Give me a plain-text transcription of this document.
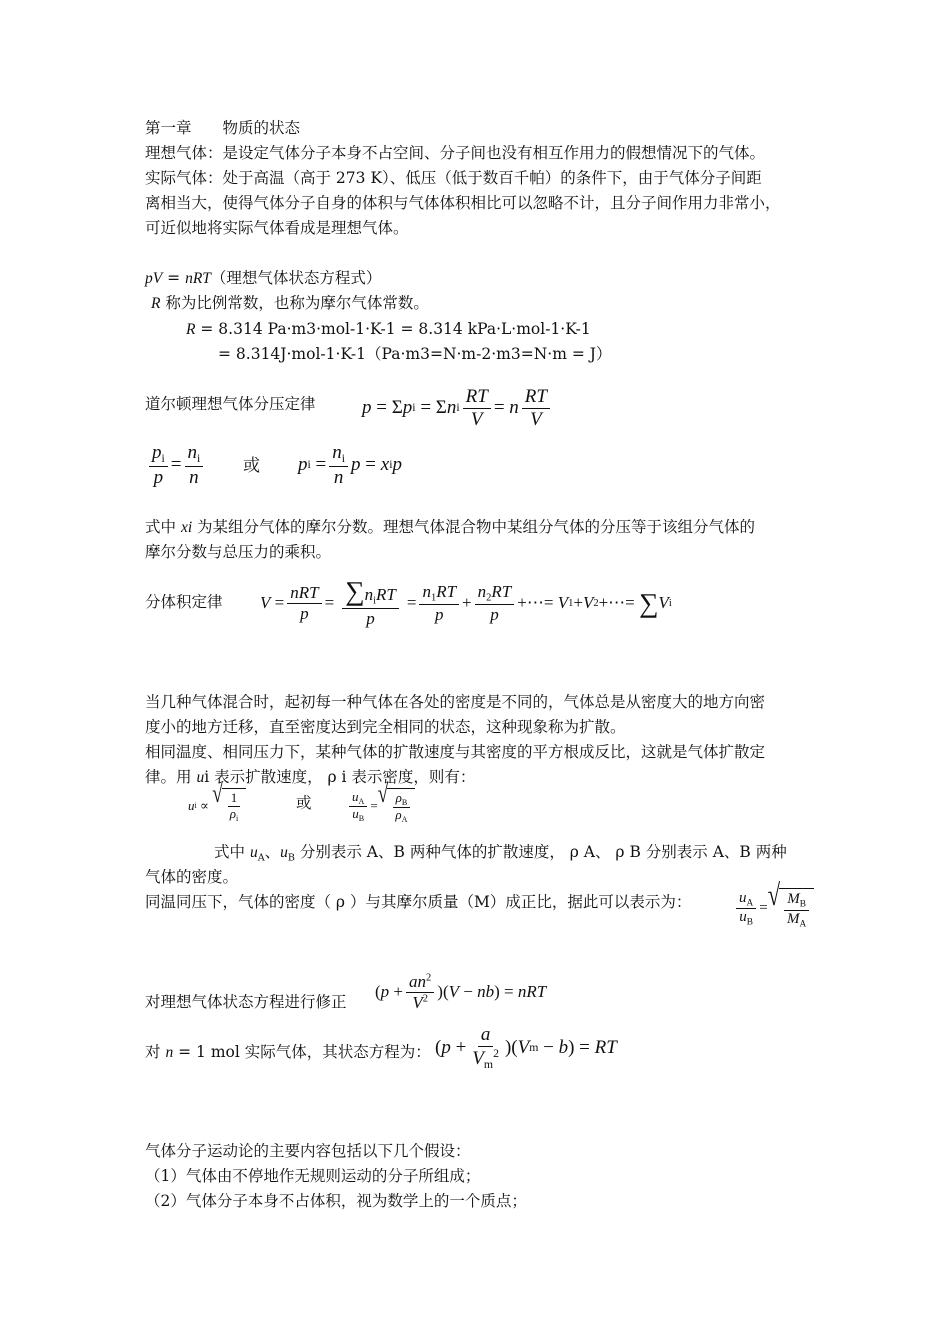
第一章　　物质的状态
理想气体：是设定气体分子本身不占空间、分子间也没有相互作用力的假想情况下的气体。
实际气体：处于高温（高于 273 K）、低压（低于数百千帕）的条件下，由于气体分子间距
离相当大，使得气体分子自身的体积与气体体积相比可以忽略不计，且分子间作用力非常小，
可近似地将实际气体看成是理想气体。
pV = nRT（理想气体状态方程式）
R 称为比例常数，也称为摩尔气体常数。
R = 8.314 Pa·m3·mol-1·K-1 = 8.314 kPa·L·mol-1·K-1
= 8.314J·mol-1·K-1（Pa·m3=N·m-2·m3=N·m = J）
道尔顿理想气体分压定律 p = Σ p i = Σ n i $\frac{RT}{V} = n \frac{RT}{V}$
$\frac{p_i}{p} = \frac{n_i}{n}$ 或 p $i = \frac{n_i}{n}$ p = x i p
式中 xi 为某组分气体的摩尔分数。理想气体混合物中某组分气体的分压等于该组分气体的
摩尔分数与总压力的乘积。
分体积定律 $V = \frac{\text{nRT}}{p} = \frac{\sum n_iRT}{p} = \frac{n_1RT}{p} + \frac{n_2RT}{p}$ +⋯= V 1 + V 2 +⋯= ∑ V i
当几种气体混合时，起初每一种气体在各处的密度是不同的，气体总是从密度大的地方向密
度小的地方迁移，直至密度达到完全相同的状态，这种现象称为扩散。
相同温度、相同压力下，某种气体的扩散速度与其密度的平方根成反比，这就是气体扩散定
律。用 ui 表示扩散速度， ρ i 表示密度，则有：
u i ∝ √ $\frac{1}{\rho_i}$	或	$\frac{u_A}{u_B}$ = √ $\frac{\rho_B}{\rho_A}$
式中 $u_A$、$u_B$ 分别表示 A、B 两种气体的扩散速度， ρ A、 ρ B 分别表示 A、B 两种
气体的密度。
同温同压下，气体的密度（ ρ ）与其摩尔质量（M）成正比，据此可以表示为：	$\frac{u_A}{u_B}$ = √ $\frac{M_B}{M_A}$
对理想气体状态方程进行修正
( $p + \frac{an^2}{V^2}$ )( V − nb ) = nRT
对 n = 1 mol 实际气体，其状态方程为： ( $p + \frac{a}{V_m^2}$ )( V m − b ) = RT
气体分子运动论的主要内容包括以下几个假设：
（1）气体由不停地作无规则运动的分子所组成；
（2）气体分子本身不占体积，视为数学上的一个质点；
